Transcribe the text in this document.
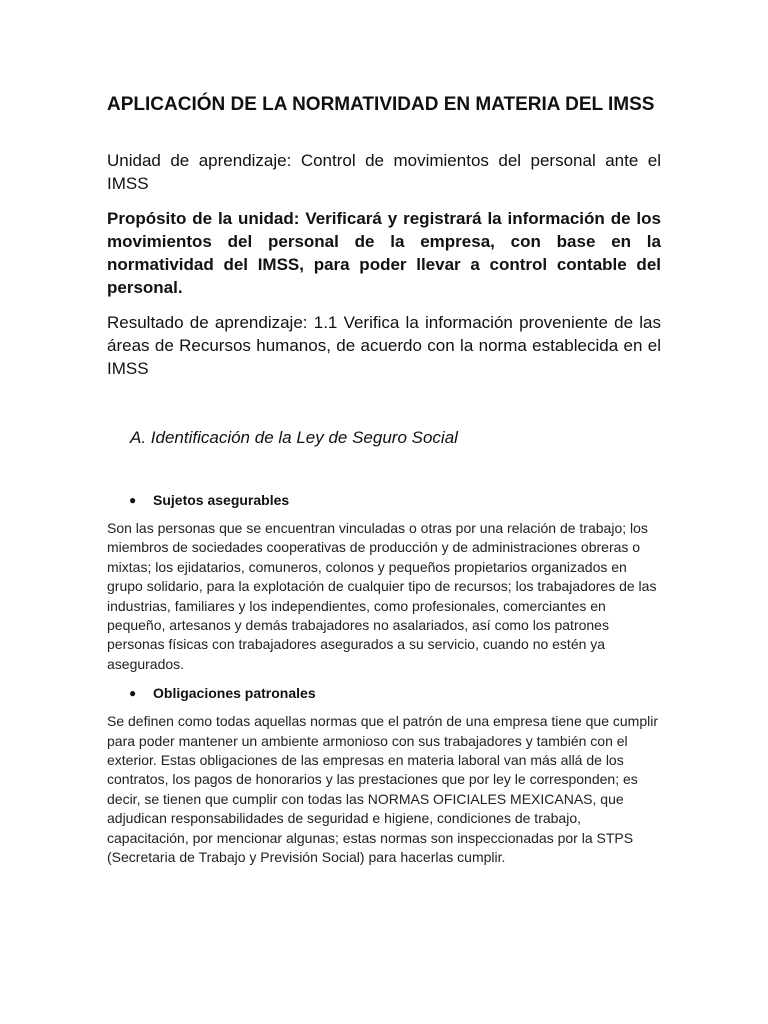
APLICACIÓN DE LA NORMATIVIDAD EN MATERIA DEL IMSS

Unidad de aprendizaje: Control de movimientos del personal ante el IMSS

Propósito de la unidad: Verificará y registrará la información de los movimientos del personal de la empresa, con base en la normatividad del IMSS, para poder llevar a control contable del personal.

Resultado de aprendizaje: 1.1 Verifica la información proveniente de las áreas de Recursos humanos, de acuerdo con la norma establecida en el IMSS

A. Identificación de la Ley de Seguro Social

●	Sujetos asegurables

Son las personas que se encuentran vinculadas o otras por una relación de trabajo; los miembros de sociedades cooperativas de producción y de administraciones obreras o mixtas; los ejidatarios, comuneros, colonos y pequeños propietarios organizados en grupo solidario, para la explotación de cualquier tipo de recursos; los trabajadores de las industrias, familiares y los independientes, como profesionales, comerciantes en pequeño, artesanos y demás trabajadores no asalariados, así como los patrones personas físicas con trabajadores asegurados a su servicio, cuando no estén ya asegurados.

●	Obligaciones patronales

Se definen como todas aquellas normas que el patrón de una empresa tiene que cumplir para poder mantener un ambiente armonioso con sus trabajadores y también con el exterior. Estas obligaciones de las empresas en materia laboral van más allá de los contratos, los pagos de honorarios y las prestaciones que por ley le corresponden; es decir, se tienen que cumplir con todas las NORMAS OFICIALES MEXICANAS, que adjudican responsabilidades de seguridad e higiene, condiciones de trabajo, capacitación, por mencionar algunas; estas normas son inspeccionadas por la STPS (Secretaria de Trabajo y Previsión Social) para hacerlas cumplir.
